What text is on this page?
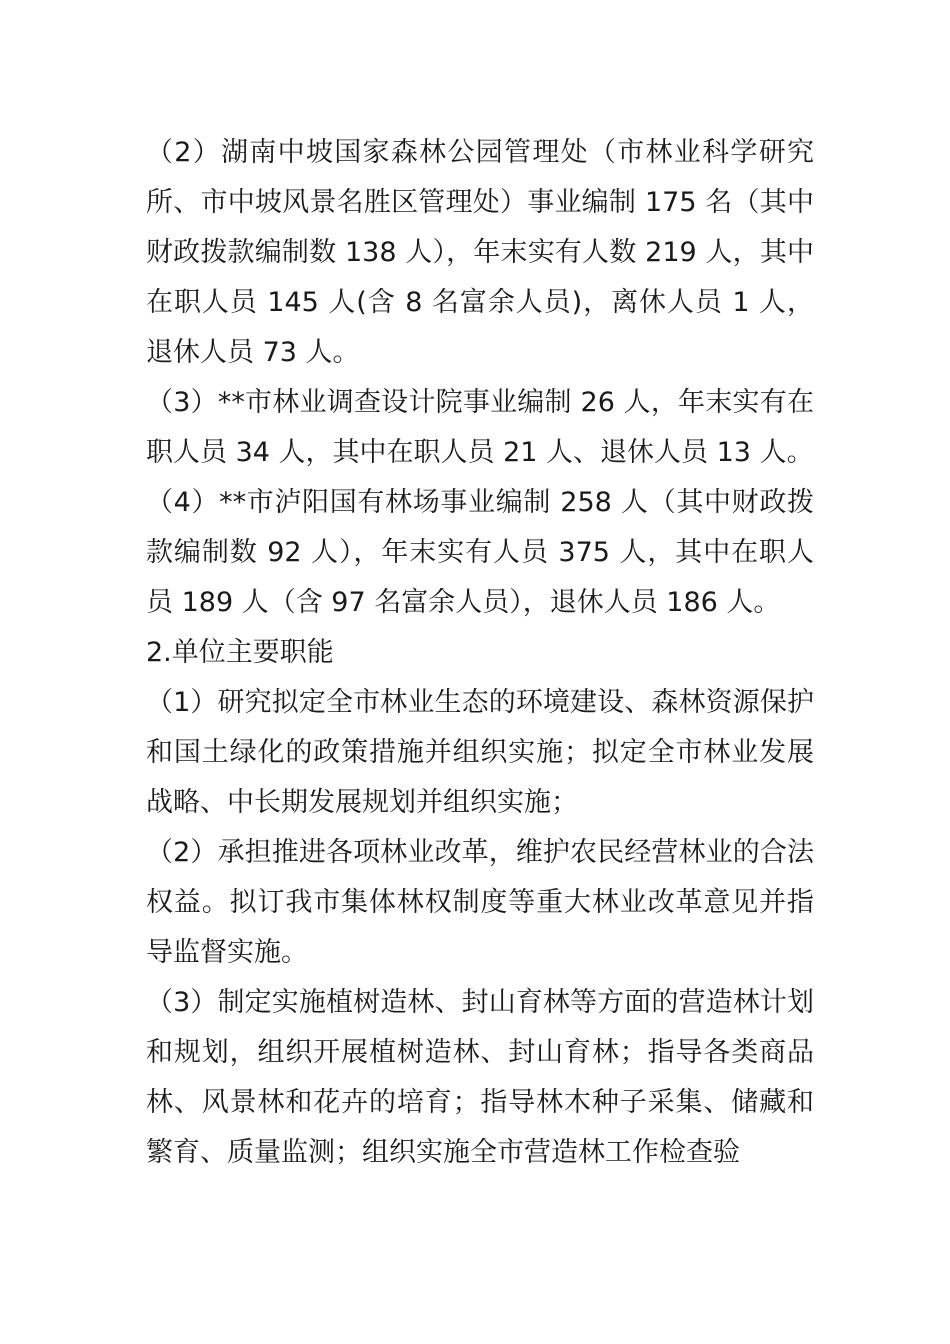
（2）湖南中坡国家森林公园管理处（市林业科学研究所、市中坡风景名胜区管理处）事业编制 175 名（其中财政拨款编制数 138 人），年末实有人数 219 人，其中在职人员 145 人(含 8 名富余人员)，离休人员 1 人，退休人员 73 人。

（3）**市林业调查设计院事业编制 26 人，年末实有在职人员 34 人，其中在职人员 21 人、退休人员 13 人。

（4）**市泸阳国有林场事业编制 258 人（其中财政拨款编制数 92 人），年末实有人员 375 人，其中在职人员 189 人（含 97 名富余人员），退休人员 186 人。

2.单位主要职能

（1）研究拟定全市林业生态的环境建设、森林资源保护和国土绿化的政策措施并组织实施；拟定全市林业发展战略、中长期发展规划并组织实施；

（2）承担推进各项林业改革，维护农民经营林业的合法权益。拟订我市集体林权制度等重大林业改革意见并指导监督实施。

（3）制定实施植树造林、封山育林等方面的营造林计划和规划，组织开展植树造林、封山育林；指导各类商品林、风景林和花卉的培育；指导林木种子采集、储藏和繁育、质量监测；组织实施全市营造林工作检查验
